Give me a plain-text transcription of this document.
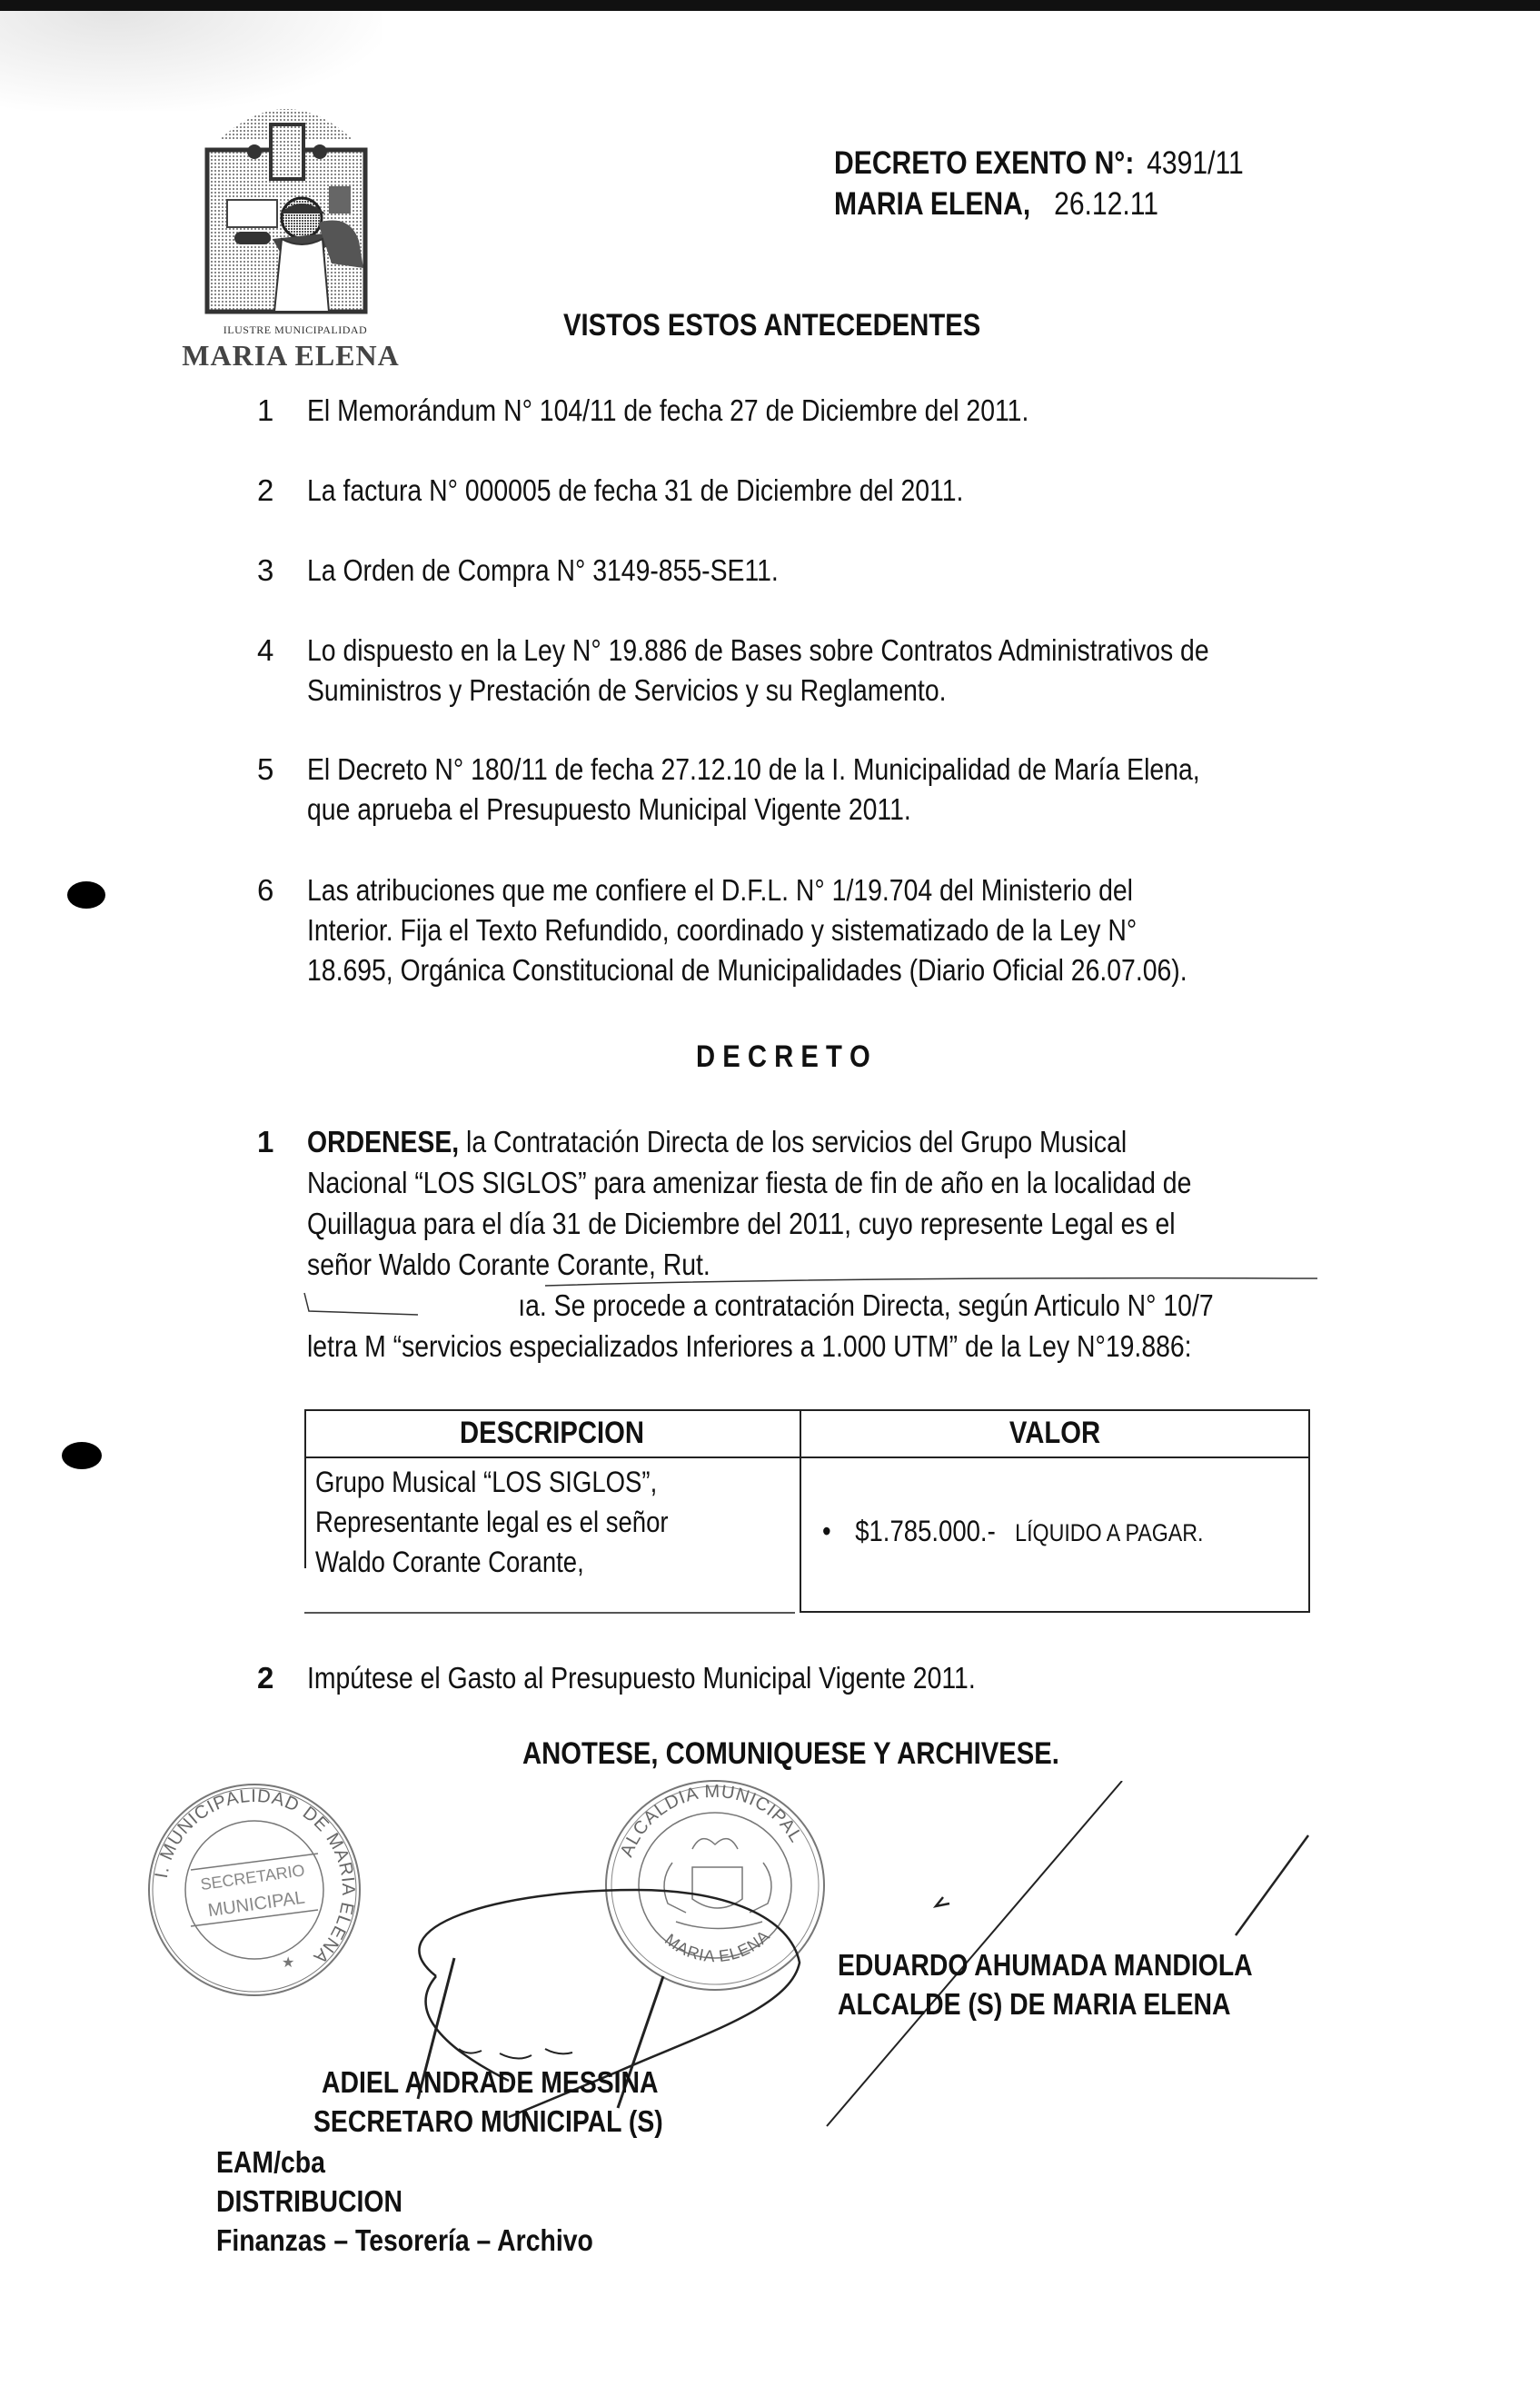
ILUSTRE MUNICIPALIDAD
MARIA ELENA
DECRETO EXENTO N°: 4391/11
MARIA ELENA, 26.12.11
VISTOS ESTOS ANTECEDENTES
1	El Memorándum N° 104/11 de fecha 27 de Diciembre del 2011.
2	La factura N° 000005 de fecha 31 de Diciembre del 2011.
3	La Orden de Compra N° 3149-855-SE11.
4	Lo dispuesto en la Ley N° 19.886 de Bases sobre Contratos Administrativos de
Suministros y Prestación de Servicios y su Reglamento.
5	El Decreto N° 180/11 de fecha 27.12.10 de la I. Municipalidad de María Elena,
que aprueba el Presupuesto Municipal Vigente 2011.
6	Las atribuciones que me confiere el D.F.L. N° 1/19.704 del Ministerio del
Interior. Fija el Texto Refundido, coordinado y sistematizado de la Ley N°
18.695, Orgánica Constitucional de Municipalidades (Diario Oficial 26.07.06).
D E C R E T O
1	ORDENESE, la Contratación Directa de los servicios del Grupo Musical
Nacional “LOS SIGLOS” para amenizar fiesta de fin de año en la localidad de
Quillagua para el día 31 de Diciembre del 2011, cuyo represente Legal es el
señor Waldo Corante Corante, Rut.
ıa. Se procede a contratación Directa, según Articulo N° 10/7
letra M “servicios especializados Inferiores a 1.000 UTM” de la Ley N°19.886:
DESCRIPCION	VALOR
Grupo Musical “LOS SIGLOS”,
Representante legal es el señor
Waldo Corante Corante,
• $1.785.000.- LÍQUIDO A PAGAR.
2	Impútese el Gasto al Presupuesto Municipal Vigente 2011.
ANOTESE, COMUNIQUESE Y ARCHIVESE.
I. MUNICIPALIDAD DE MARIA ELENA
SECRETARIO
MUNICIPAL
★
ALCALDIA MUNICIPAL
MARIA ELENA
EDUARDO AHUMADA MANDIOLA
ALCALDE (S) DE MARIA ELENA
ADIEL ANDRADE MESSINA
SECRETARO MUNICIPAL (S)
EAM/cba
DISTRIBUCION
Finanzas – Tesorería – Archivo
